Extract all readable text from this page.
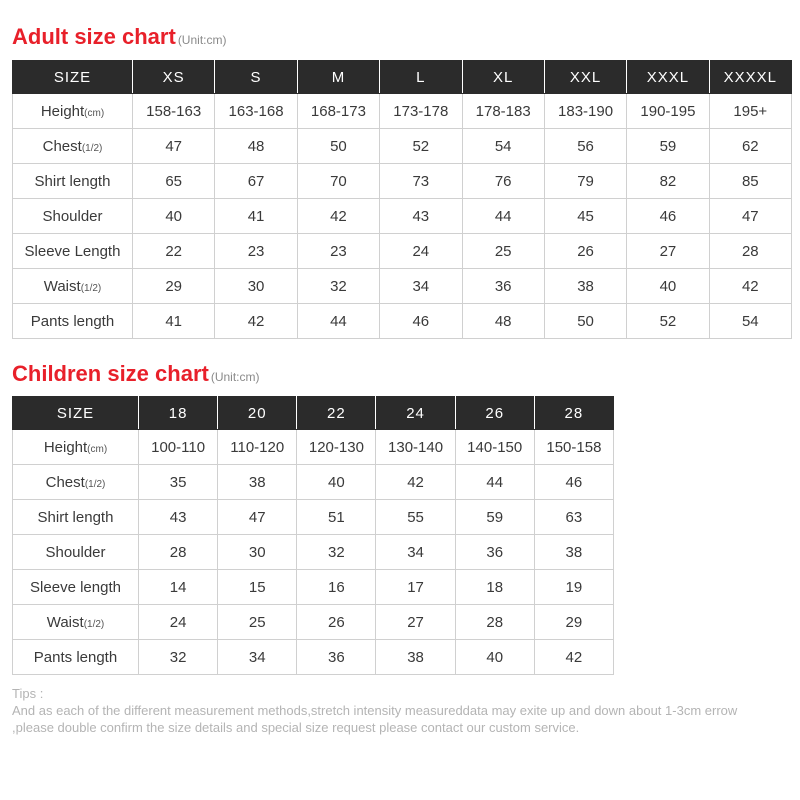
Adult size chart (Unit:cm)
SIZE	XS	S	M	L	XL	XXL	XXXL	XXXXL
Height(cm)	158-163	163-168	168-173	173-178	178-183	183-190	190-195	195+
Chest(1/2)	47	48	50	52	54	56	59	62
Shirt length	65	67	70	73	76	79	82	85
Shoulder	40	41	42	43	44	45	46	47
Sleeve Length	22	23	23	24	25	26	27	28
Waist(1/2)	29	30	32	34	36	38	40	42
Pants length	41	42	44	46	48	50	52	54
Children size chart (Unit:cm)
SIZE	18	20	22	24	26	28
Height(cm)	100-110	110-120	120-130	130-140	140-150	150-158
Chest(1/2)	35	38	40	42	44	46
Shirt length	43	47	51	55	59	63
Shoulder	28	30	32	34	36	38
Sleeve length	14	15	16	17	18	19
Waist(1/2)	24	25	26	27	28	29
Pants length	32	34	36	38	40	42

Tips :

And as each of the different measurement methods,stretch intensity measureddata may exite up and down about 1-3cm errow ,please double confirm the size details and special size request please contact our custom service.
